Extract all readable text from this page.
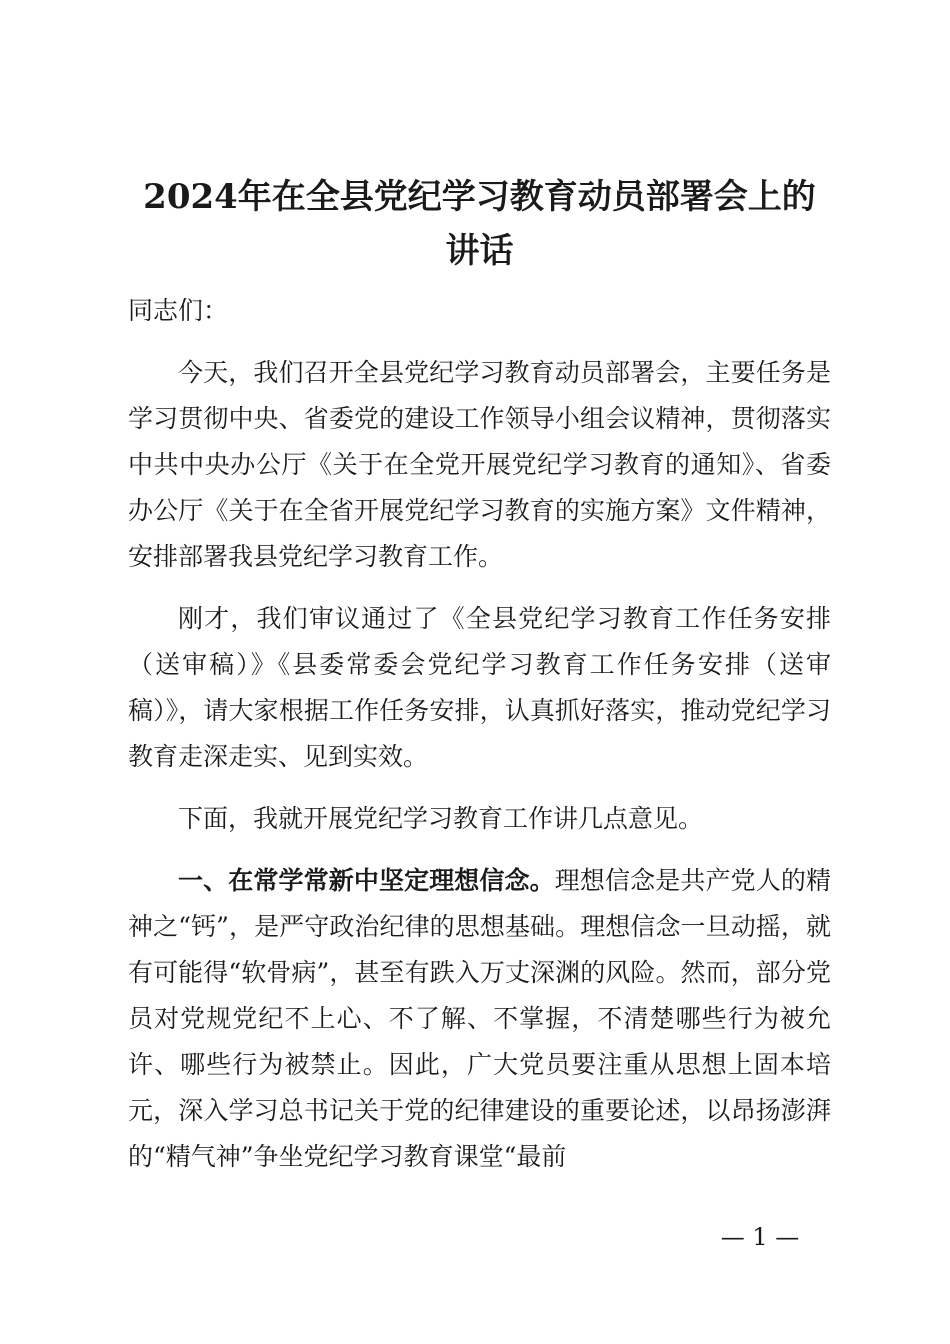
2024年在全县党纪学习教育动员部署会上的
讲话

同志们：

今天，我们召开全县党纪学习教育动员部署会，主要任务是学习贯彻中央、省委党的建设工作领导小组会议精神，贯彻落实中共中央办公厅《关于在全党开展党纪学习教育的通知》、省委办公厅《关于在全省开展党纪学习教育的实施方案》文件精神，安排部署我县党纪学习教育工作。

刚才，我们审议通过了《全县党纪学习教育工作任务安排（送审稿）》《县委常委会党纪学习教育工作任务安排（送审稿）》，请大家根据工作任务安排，认真抓好落实，推动党纪学习教育走深走实、见到实效。

下面，我就开展党纪学习教育工作讲几点意见。

一、在常学常新中坚定理想信念。理想信念是共产党人的精神之“钙”，是严守政治纪律的思想基础。理想信念一旦动摇，就有可能得“软骨病”，甚至有跌入万丈深渊的风险。然而，部分党员对党规党纪不上心、不了解、不掌握，不清楚哪些行为被允许、哪些行为被禁止。因此，广大党员要注重从思想上固本培元，深入学习总书记关于党的纪律建设的重要论述，以昂扬澎湃的“精气神”争坐党纪学习教育课堂“最前

— 1 —
